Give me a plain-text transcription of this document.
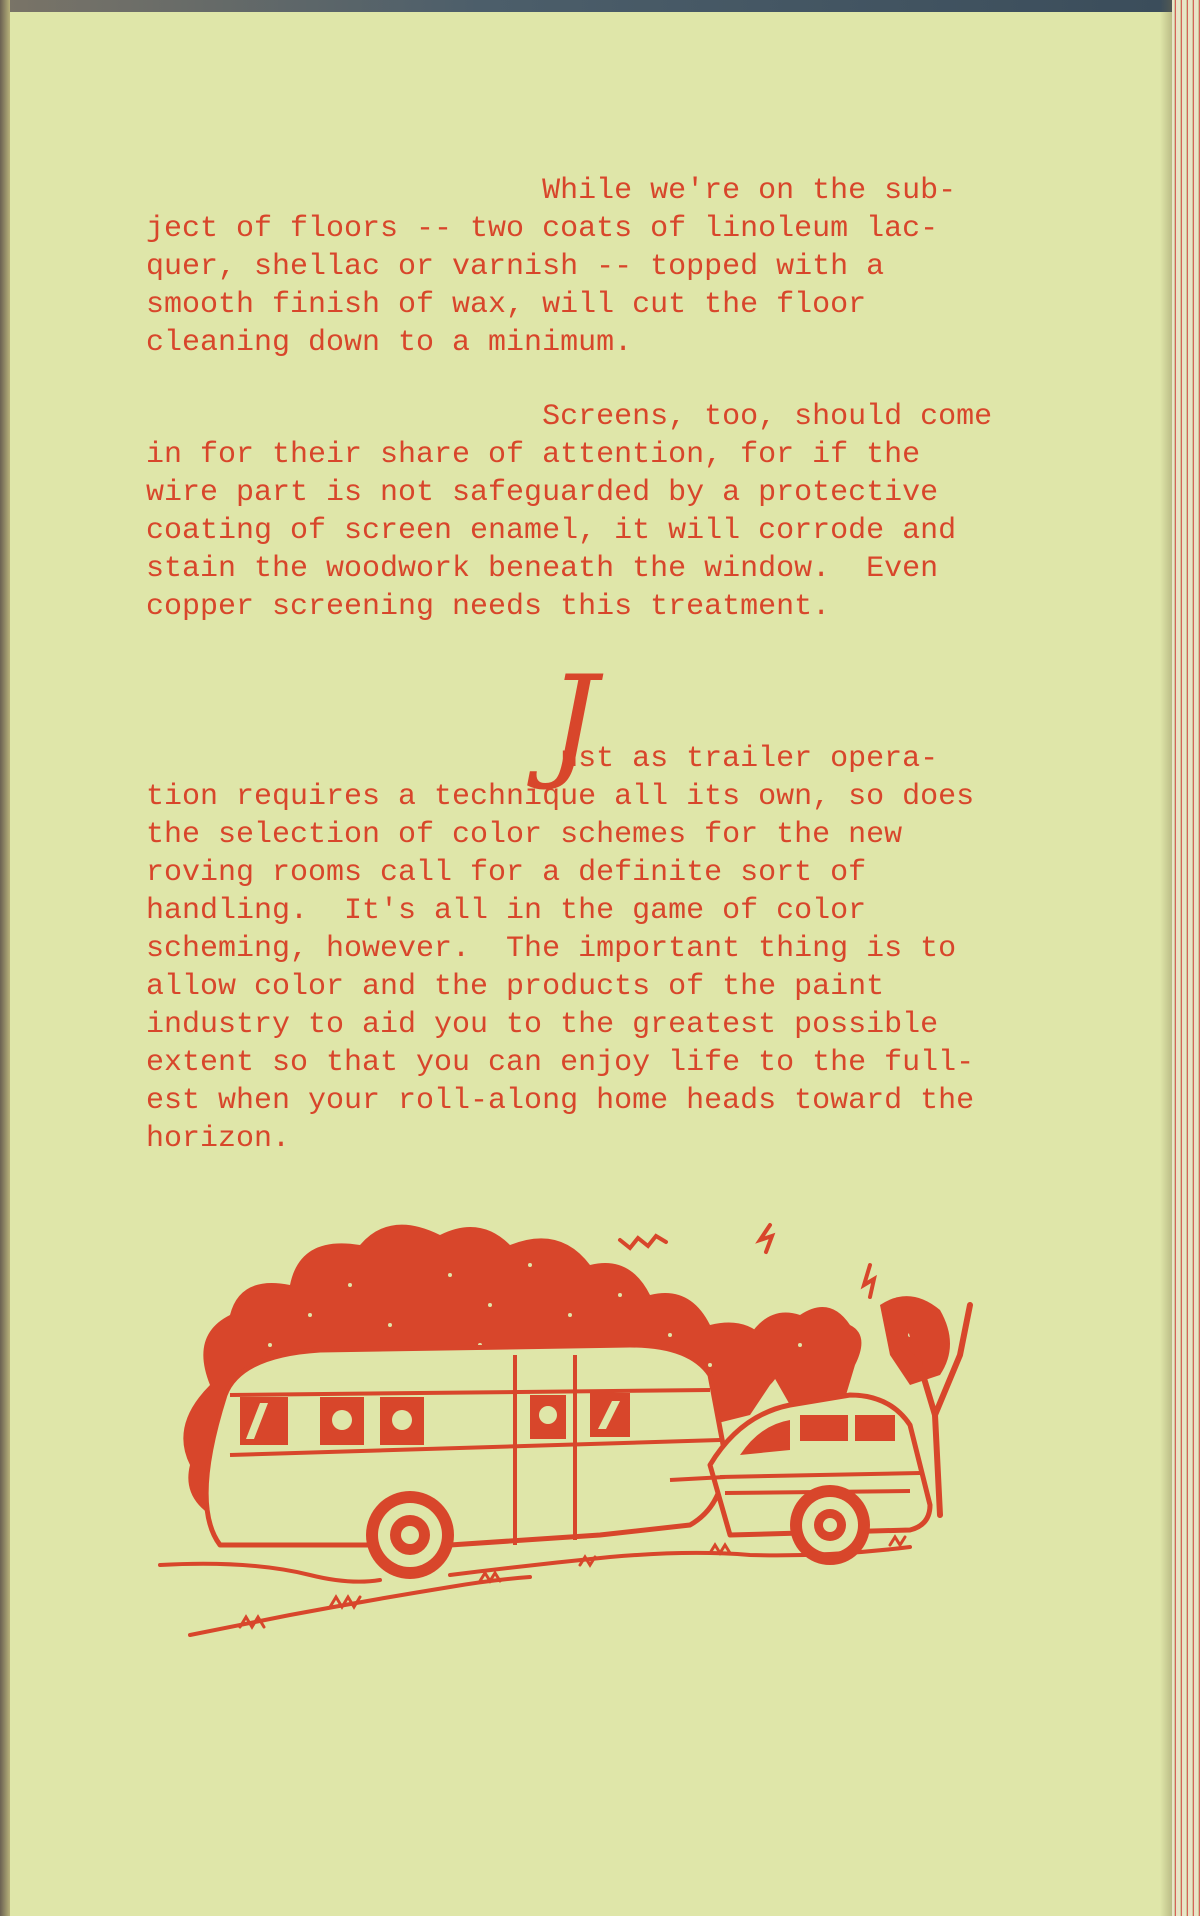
While we're on the sub-
ject of floors -- two coats of linoleum lac-
quer, shellac or varnish -- topped with a
smooth finish of wax, will cut the floor
cleaning down to a minimum.

Screens, too, should come
in for their share of attention, for if the
wire part is not safeguarded by a protective
coating of screen enamel, it will corrode and
stain the woodwork beneath the window.  Even
copper screening needs this treatment.

J

ust as trailer opera-
tion requires a technique all its own, so does
the selection of color schemes for the new
roving rooms call for a definite sort of
handling.  It's all in the game of color
scheming, however.  The important thing is to
allow color and the products of the paint
industry to aid you to the greatest possible
extent so that you can enjoy life to the full-
est when your roll-along home heads toward the
horizon.
